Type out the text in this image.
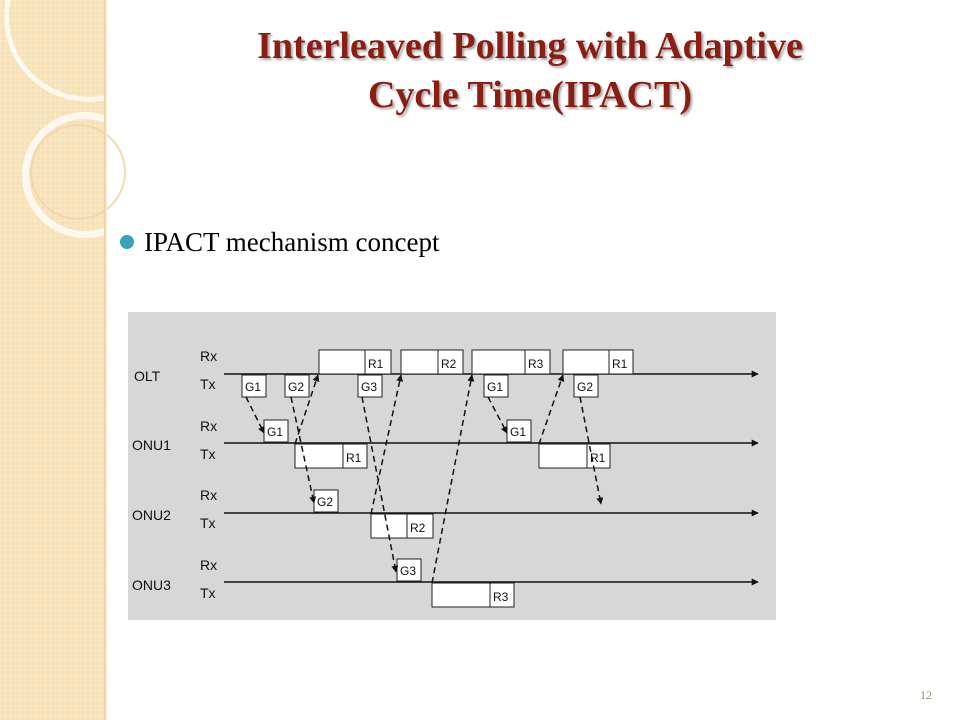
Interleaved Polling with Adaptive
Cycle Time(IPACT)
IPACT mechanism concept
OLT
ONU1
ONU2
ONU3
Rx
Tx
Rx
Tx
Rx
Tx
Rx
Tx
R1	R2	R3	R1
G1 G2	G3	G1	G2
G1	G1
G2
G3
R1	R1
R2
R3
12
